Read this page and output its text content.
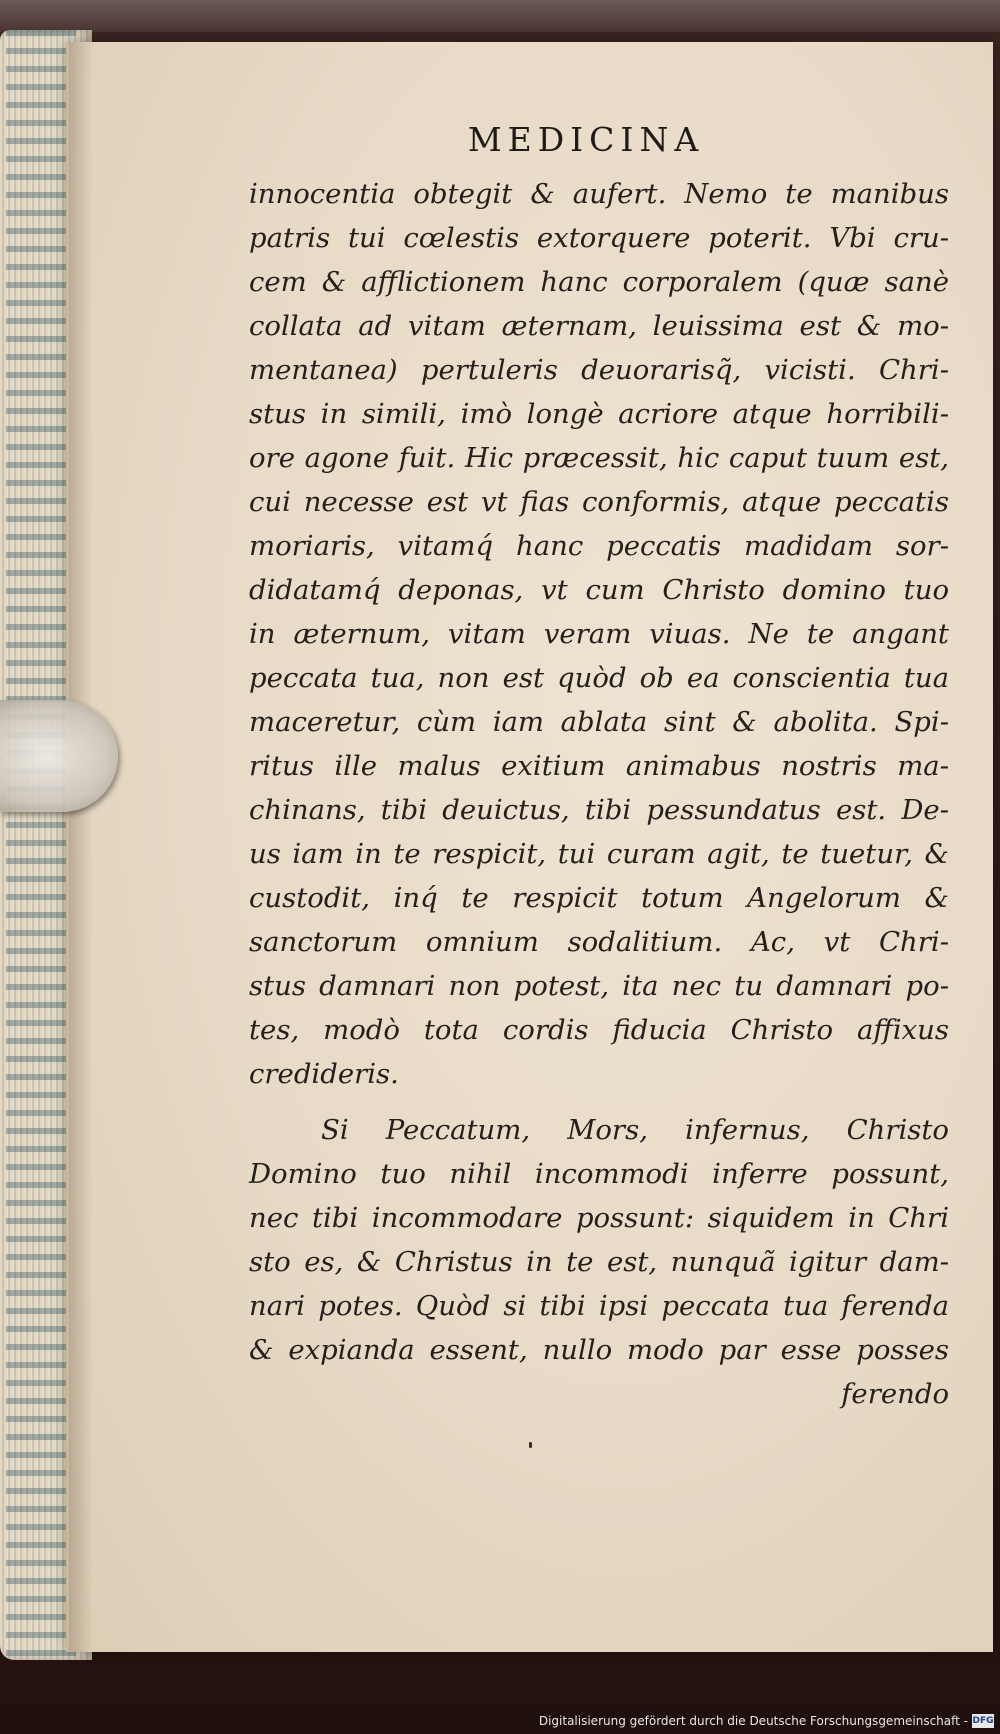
MEDICINA
innocentia obtegit & aufert. Nemo te manibus
patris tui cœlestis extorquere poterit. Vbi cru-
cem & afflictionem hanc corporalem (quæ sanè
collata ad vitam æternam, leuissima est & mo-
mentanea) pertuleris deuorarisq̃, vicisti. Chri-
stus in simili, imò longè acriore atque horribili-
ore agone fuit. Hic præcessit, hic caput tuum est,
cui necesse est vt fias conformis, atque peccatis
moriaris, vitamq́ hanc peccatis madidam sor-
didatamq́ deponas, vt cum Christo domino tuo
in æternum, vitam veram viuas. Ne te angant
peccata tua, non est quòd ob ea conscientia tua
maceretur, cùm iam ablata sint & abolita. Spi-
ritus ille malus exitium animabus nostris ma-
chinans, tibi deuictus, tibi pessundatus est. De-
us iam in te respicit, tui curam agit, te tuetur, &
custodit, inq́ te respicit totum Angelorum &
sanctorum omnium sodalitium. Ac, vt Chri-
stus damnari non potest, ita nec tu damnari po-
tes, modò tota cordis fiducia Christo affixus
credideris.
Si Peccatum, Mors, infernus, Christo
Domino tuo nihil incommodi inferre possunt,
nec tibi incommodare possunt: siquidem in Chri
sto es, & Christus in te est, nunquã igitur dam-
nari potes. Quòd si tibi ipsi peccata tua ferenda
& expianda essent, nullo modo par esse posses
ferendo
Digitalisierung gefördert durch die Deutsche Forschungsgemeinschaft - DFG
